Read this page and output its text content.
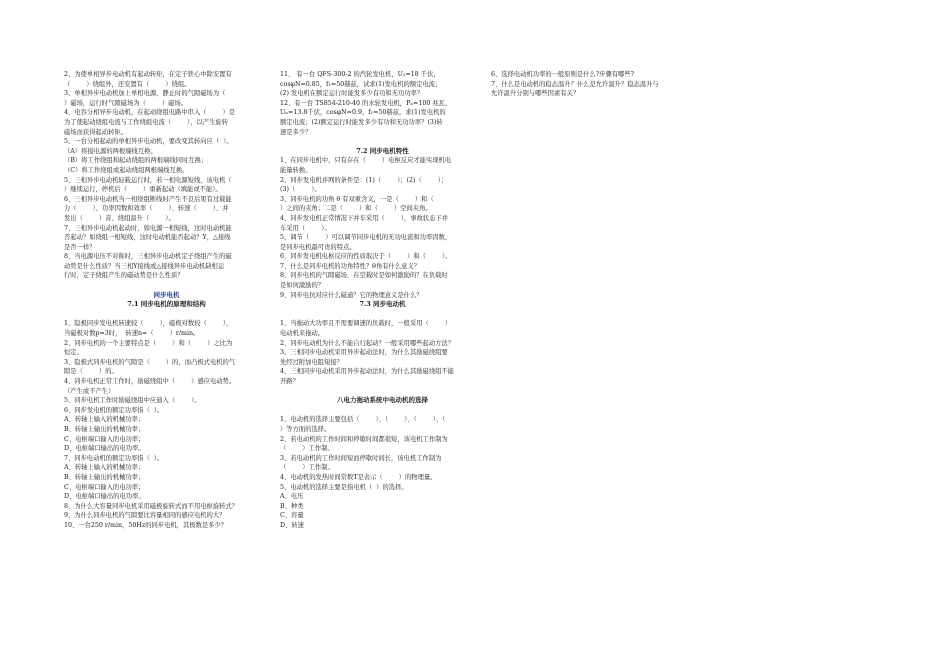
2、为使单相异步电动机有起动转矩，在定子铁心中除安置有

（        ）绕组外，还安置有（        ）绕组。

3、单相异步电动机加上单相电源，静止时的气隙磁场为（

）磁场，运行时气隙磁场为（        ）磁场。

4、电容分相异步电动机，在起动绕组电路中串入（        ）是

为了使起动绕组电流与工作绕组电流（        ），以产生旋转

磁场而获得起动转矩。

5、一台分相起动的单相异步电动机，要改变其转向应（  ）。

（A）将接电源的两根端线互换；

（B）将工作绕组和起动绕组的两根端线同时互换；

（C）将工作绕组或起动绕组两根端线互换。

5、三相异步电动机轻载运行时，若一相电源短线，该电机（

）继续运行，停机后（        ）重新起动（填能或不能）。

6、三相异步电动机当一相绕组断线时产生不良后果有过载能

力（        ）、功率因数和效率（        ）、转速（        ）、并

发出（        ）音、绕组温升（        ）。

7、三相异步电动机起动时，如电源一相短线，这时电动机能

否起动？如绕组一相短线，这时电动机能否起动？Y，△接线

是否一样？

8、当电源电压不对称时，三相异步电动机定子绕组产生的磁

动势是什么性质？当三相Y接线或△接线异步电动机缺相运

行时，定子绕组产生的磁动势是什么性质？

同步电机
7.1 同步电机的原理和结构

1、隐极同步发电机转速较（        ），磁极对数较（        ），

当磁极对数p=3时，  转速n=（        ）r/min。

2、同步电机的一个主要特点是（        ）和（        ）之比为

恒定。

3、隐极式同步电机的气隙是（        ）的，而凸极式电机的气

隙是（        ）的。

4、同步电机正常工作时，励磁绕组中（        ）感应电动势。

（产生或不产生）

5、同步电机工作时励磁绕组中应通入（        ）。

6、同步发电机的额定功率指（  ）。

A、转轴上输入的机械功率；

B、转轴上输出的机械功率；

C、电枢端口输入的电功率；

D、电枢端口输出的电功率。

7、同步电动机的额定功率指（  ）。

A、转轴上输入的机械功率；

B、转轴上输出的机械功率；

C、电枢端口输入的电功率；

D、电枢端口输出的电功率。

8、为什么大容量同步电机采用磁极旋转式而不用电枢旋转式？

9、为什么同步电机的气隙要比容量相同的感应电机的大？

10、一台250 r/min，50Hz的同步电机，其极数是多少？

11、 有一台 QFS-300-2 的汽轮发电机，U₁=18 千伏，

cosφN=0.85，f₁=50赫兹，试求(1)发电机的额定电流；

(2) 发电机在额定运行时能发多少有功和无功功率？

12、有一台 TS854-210-40 的水轮发电机，Pₙ=100 兆瓦，

Uₙ=13.8千伏，cosφN=0.9，f₁=50赫兹，求(1)发电机的

额定电流；(2)额定运行时能发多少有功和无功功率？(3)转

速是多少？

7.2 同步电机特性

1、在同步电机中，只有存在（        ）电枢反应才能实现机电

能量转换。

2、同步发电机并网的条件是：(1)（        ）；(2)（        ）；

(3)（        ）。

3、同步电机的功角 θ 有双重含义，一是（        ）和（

）之间的夹角；二是（        ）和（        ）空间夹角。

4、同步发电机正常情况下并车采用（        ），事故状态下并

车采用（        ）。

5、调节（        ）可以调节同步电机的无功电流和功率因数，

是同步电机最可贵的特点。

6、同步发电机电枢反应的性质取决于（        ）和（        ）。

7、什么是同步电机的功角特性？θ角有什么意义？

8、同步电机的气隙磁场，在空载时是如何激励的？在负载时

是如何激励的？

9、同步电抗对应什么磁通？它的物理意义是什么？

7.3 同步电动机

1、当拖动大功率且不需要调速的负载时，一般采用（        ）

电动机来拖动。

2、同步电动机为什么不能自行起动？一般采用哪些起动方法？

3、三相同步电动机采用异步起动法时，为什么其励磁绕组要

先经过附加电阻短接？

4、三相同步电动机采用异步起动法时，为什么其励磁绕组不能

开路？

八电力拖动系统中电动机的选择

1、电动机的选择主要包括（        ）、（        ）、（        ）、（

）等方面的选择。

2、若电动机的工作时间和停歇时间都很短，该电机工作制为

（        ）工作制。

3、若电动机的工作时间短而停歇时间长，该电机工作制为

（        ）工作制。

4、电动机的发热时间常数T是表示（        ）的物理量。

5、电动机的选择主要是指电机（  ）的选择。

A、电压

B、种类

C、容量

D、转速

6、选择电动机功率的一般原则是什么?步骤有哪些?

7、什么是电动机的稳态温升？什么是允许温升？稳态温升与

允许温升分别与哪些因素有关？
